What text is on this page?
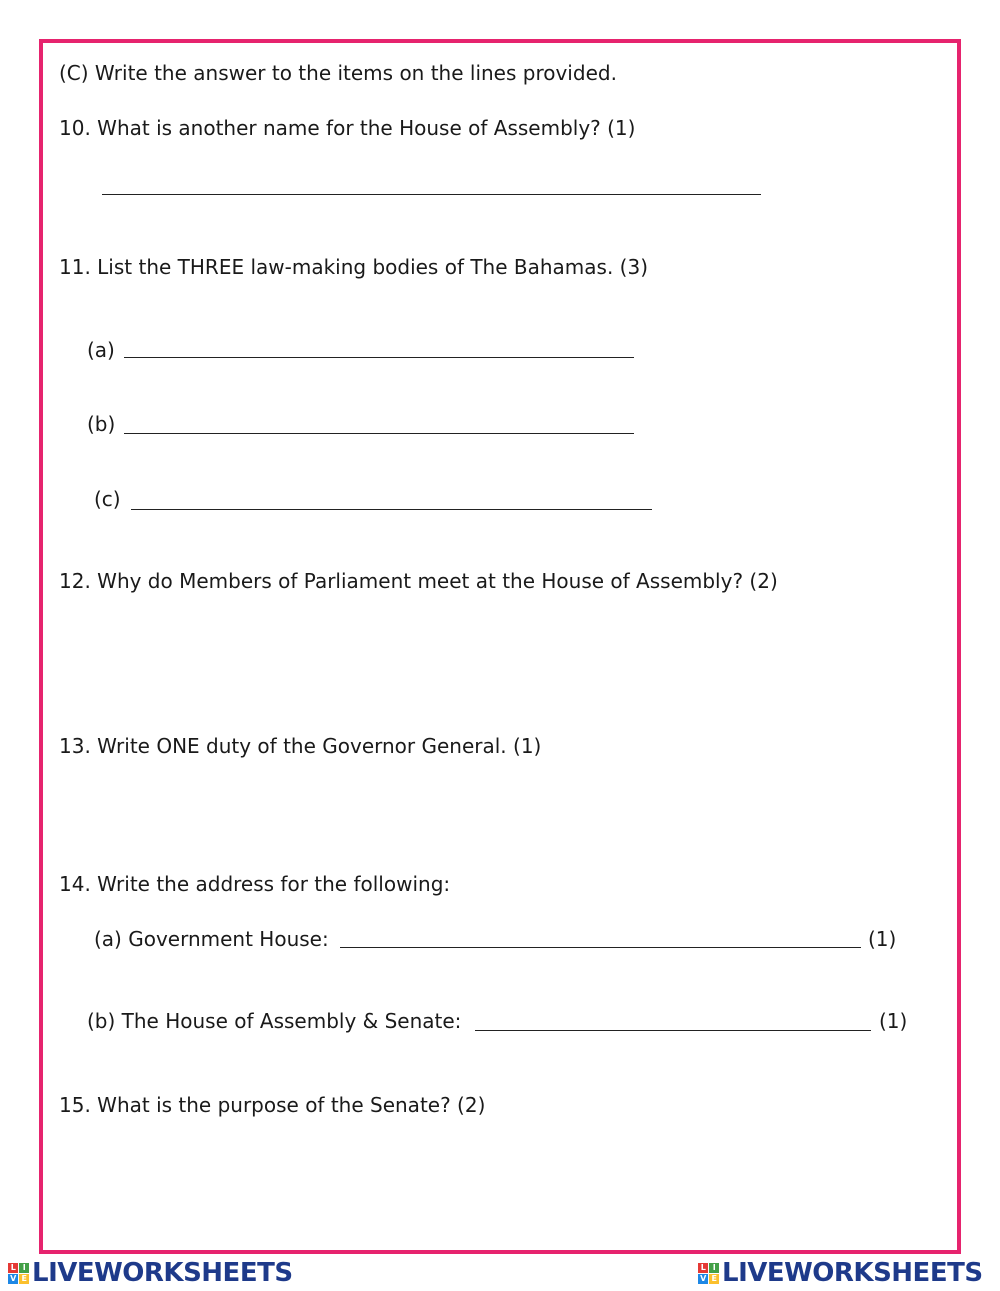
(C) Write the answer to the items on the lines provided.
10. What is another name for the House of Assembly? (1)
11. List the THREE law-making bodies of The Bahamas. (3)
(a)
(b)
(c)
12. Why do Members of Parliament meet at the House of Assembly? (2)
13. Write ONE duty of the Governor General. (1)
14. Write the address for the following:
(a) Government House:	(1)
(b) The House of Assembly & Senate:	(1)
15. What is the purpose of the Senate? (2)
L I
V E LIVEWORKSHEETS	L I
V E LIVEWORKSHEETS
